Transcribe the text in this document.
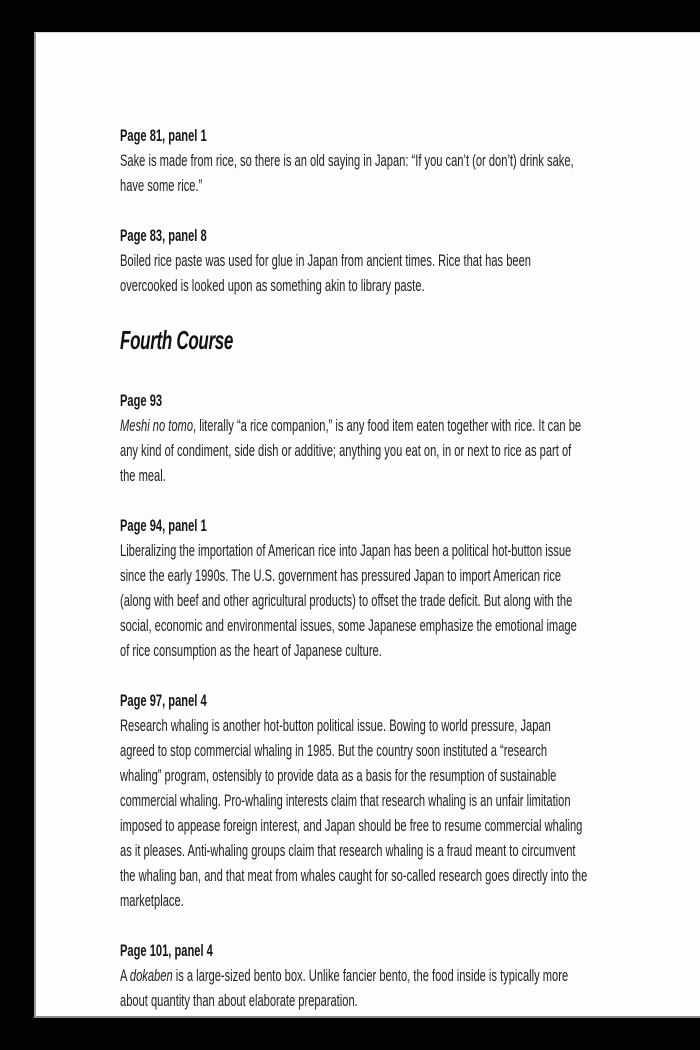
Page 81, panel 1

Sake is made from rice, so there is an old saying in Japan: “If you can’t (or don’t) drink sake, have some rice.”

Page 83, panel 8

Boiled rice paste was used for glue in Japan from ancient times. Rice that has been overcooked is looked upon as something akin to library paste.

Fourth Course
Page 93

Meshi no tomo, literally “a rice companion,” is any food item eaten together with rice. It can be any kind of condiment, side dish or additive; anything you eat on, in or next to rice as part of the meal.

Page 94, panel 1

Liberalizing the importation of American rice into Japan has been a political hot-button issue since the early 1990s. The U.S. government has pressured Japan to import American rice (along with beef and other agricultural products) to offset the trade deficit. But along with the social, economic and environmental issues, some Japanese emphasize the emotional image of rice consumption as the heart of Japanese culture.

Page 97, panel 4

Research whaling is another hot-button political issue. Bowing to world pressure, Japan agreed to stop commercial whaling in 1985. But the country soon instituted a “research whaling” program, ostensibly to provide data as a basis for the resumption of sustainable commercial whaling. Pro-whaling interests claim that research whaling is an unfair limitation imposed to appease foreign interest, and Japan should be free to resume commercial whaling as it pleases. Anti-whaling groups claim that research whaling is a fraud meant to circumvent the whaling ban, and that meat from whales caught for so-called research goes directly into the marketplace.

Page 101, panel 4

A dokaben is a large-sized bento box. Unlike fancier bento, the food inside is typically more about quantity than about elaborate preparation.
